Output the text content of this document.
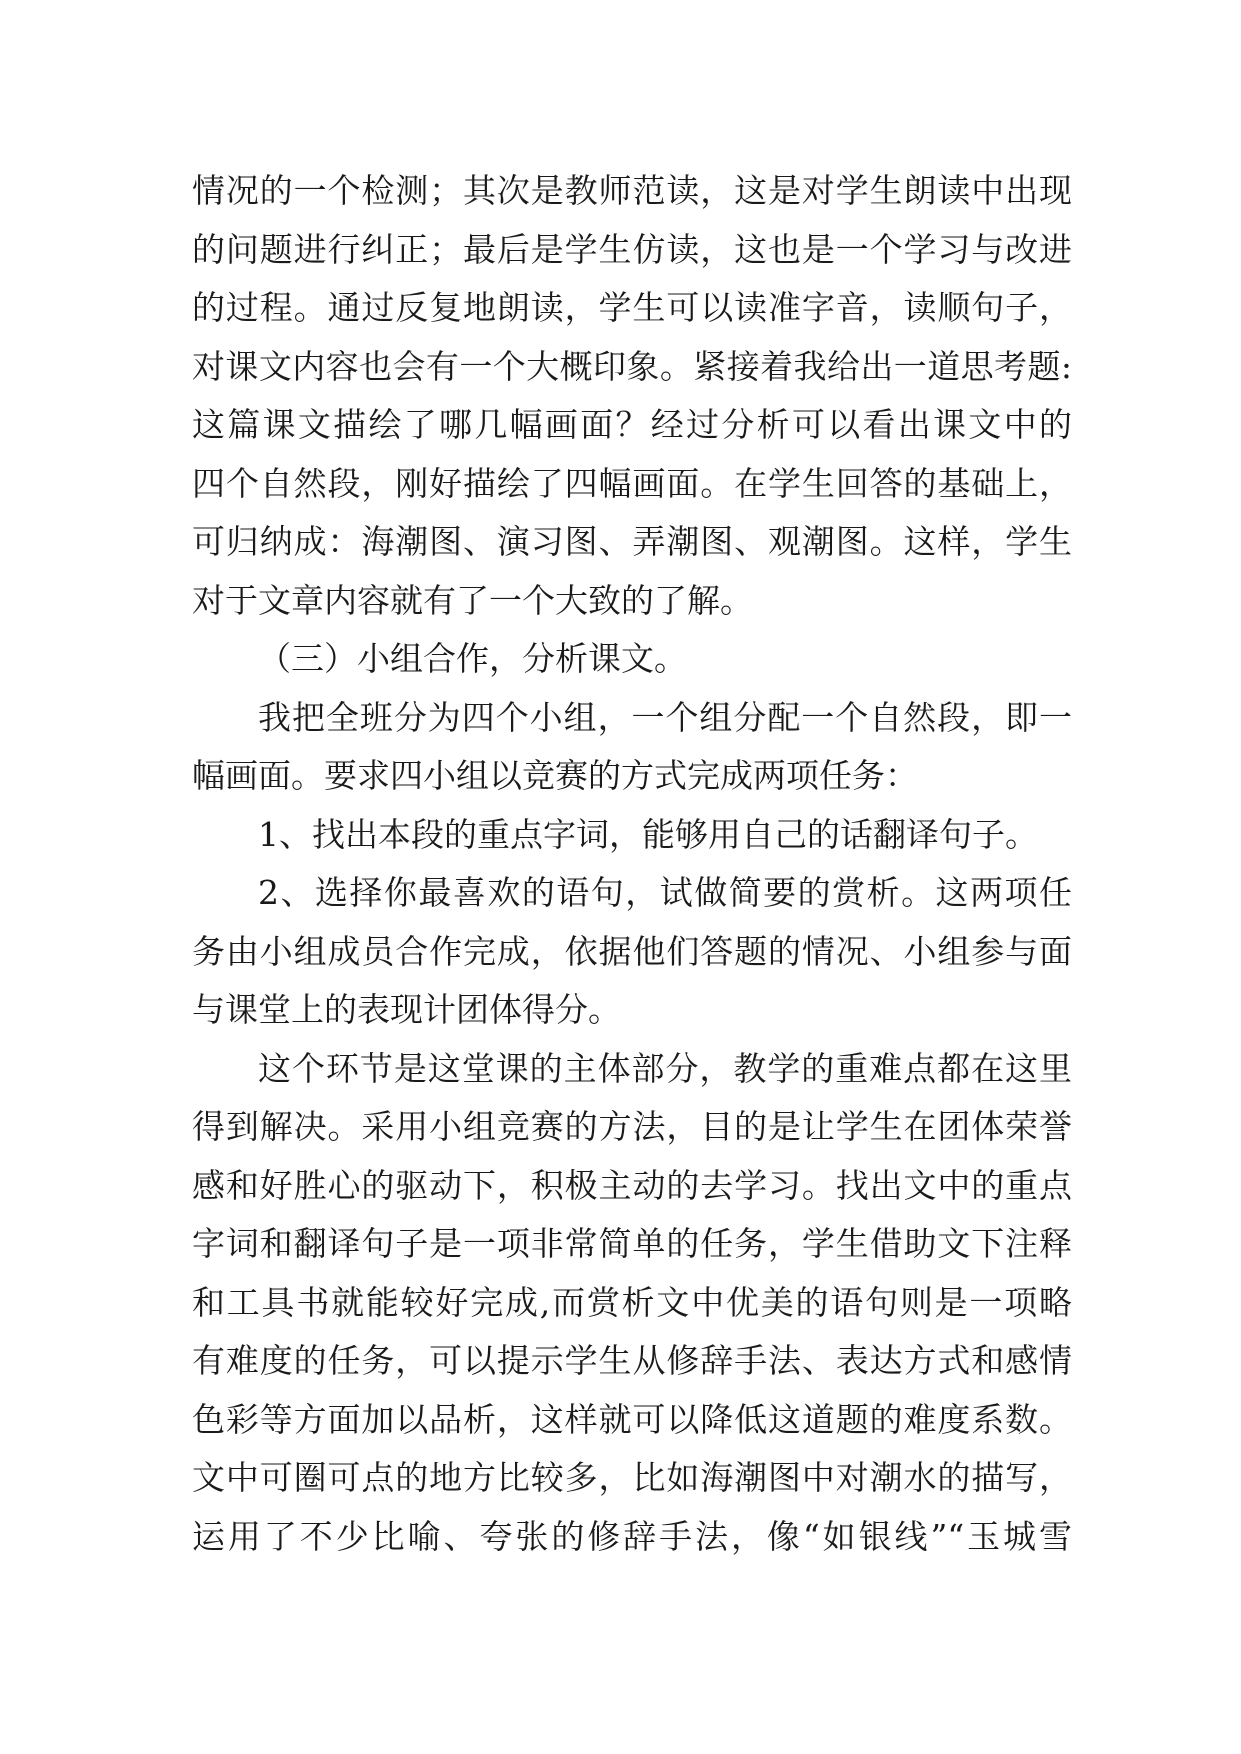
情况的一个检测；其次是教师范读，这是对学生朗读中出现
的问题进行纠正；最后是学生仿读，这也是一个学习与改进
的过程。通过反复地朗读，学生可以读准字音，读顺句子，
对课文内容也会有一个大概印象。紧接着我给出一道思考题:
这篇课文描绘了哪几幅画面？经过分析可以看出课文中的
四个自然段，刚好描绘了四幅画面。在学生回答的基础上，
可归纳成：海潮图、演习图、弄潮图、观潮图。这样，学生
对于文章内容就有了一个大致的了解。
（三）小组合作，分析课文。
我把全班分为四个小组，一个组分配一个自然段，即一
幅画面。要求四小组以竞赛的方式完成两项任务：
1、找出本段的重点字词，能够用自己的话翻译句子。
2、选择你最喜欢的语句，试做简要的赏析。这两项任
务由小组成员合作完成，依据他们答题的情况、小组参与面
与课堂上的表现计团体得分。
这个环节是这堂课的主体部分，教学的重难点都在这里
得到解决。采用小组竞赛的方法，目的是让学生在团体荣誉
感和好胜心的驱动下，积极主动的去学习。找出文中的重点
字词和翻译句子是一项非常简单的任务，学生借助文下注释
和工具书就能较好完成,而赏析文中优美的语句则是一项略
有难度的任务，可以提示学生从修辞手法、表达方式和感情
色彩等方面加以品析，这样就可以降低这道题的难度系数。
文中可圈可点的地方比较多，比如海潮图中对潮水的描写，
运用了不少比喻、夸张的修辞手法，像“如银线”“玉城雪
